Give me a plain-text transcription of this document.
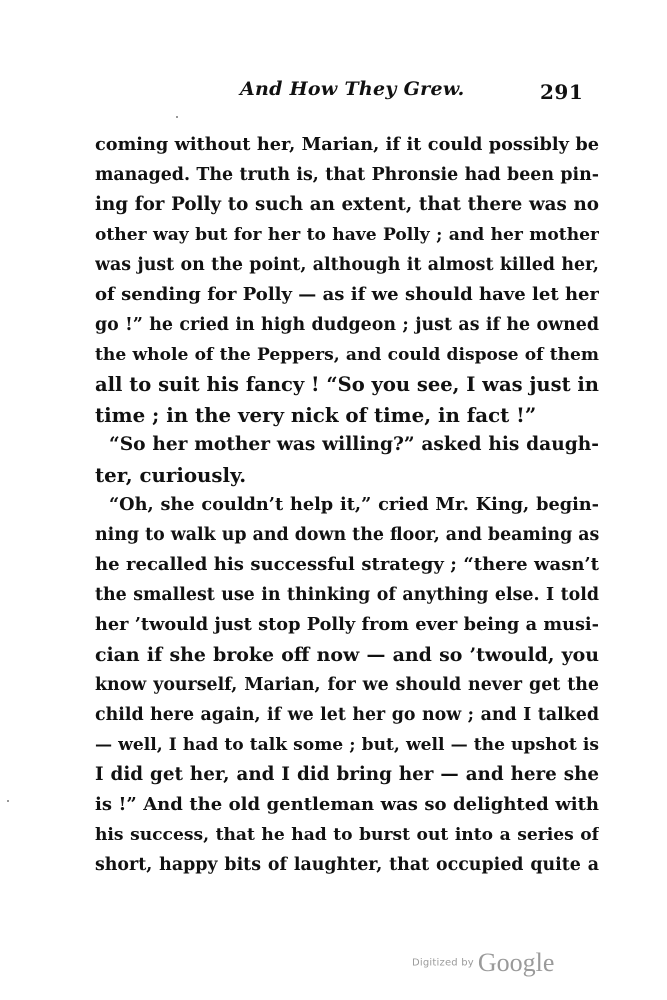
And How They Grew.	291
coming without her, Marian, if it could possibly be
managed. The truth is, that Phronsie had been pin-
ing for Polly to such an extent, that there was no
other way but for her to have Polly ; and her mother
was just on the point, although it almost killed her,
of sending for Polly — as if we should have let her
go !” he cried in high dudgeon ; just as if he owned
the whole of the Peppers, and could dispose of them
all to suit his fancy ! “So you see, I was just in
time ; in the very nick of time, in fact !”
“So her mother was willing?” asked his daugh-
ter, curiously.
“Oh, she couldn’t help it,” cried Mr. King, begin-
ning to walk up and down the floor, and beaming as
he recalled his successful strategy ; “there wasn’t
the smallest use in thinking of anything else. I told
her ’twould just stop Polly from ever being a musi-
cian if she broke off now — and so ’twould, you
know yourself, Marian, for we should never get the
child here again, if we let her go now ; and I talked
— well, I had to talk some ; but, well — the upshot is
I did get her, and I did bring her — and here she
is !” And the old gentleman was so delighted with
his success, that he had to burst out into a series of
short, happy bits of laughter, that occupied quite a
Digitized by Google
